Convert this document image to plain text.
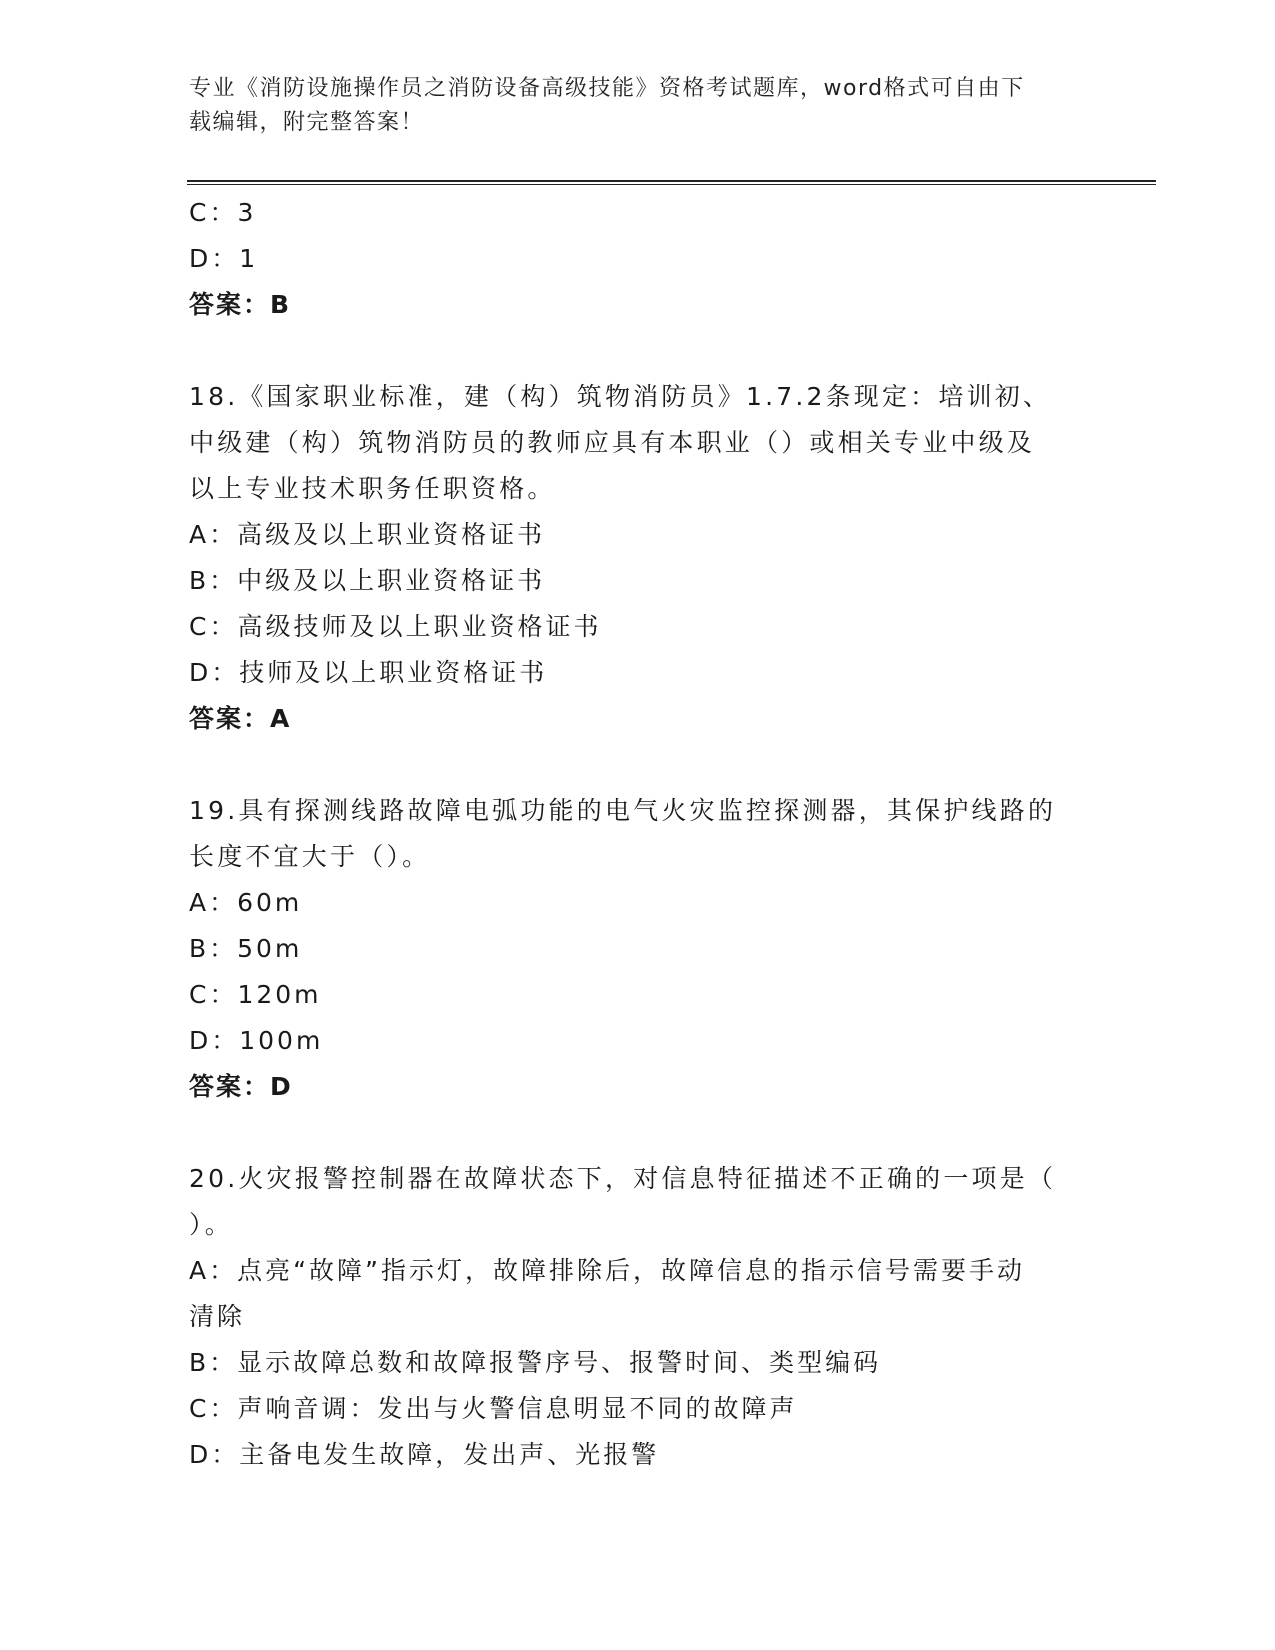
专业《消防设施操作员之消防设备高级技能》资格考试题库，word格式可自由下
载编辑，附完整答案！

C：3

D：1

答案：B

18.《国家职业标准，建（构）筑物消防员》1.7.2条现定：培训初、

中级建（构）筑物消防员的教师应具有本职业（）或相关专业中级及

以上专业技术职务任职资格。

A：高级及以上职业资格证书

B：中级及以上职业资格证书

C：高级技师及以上职业资格证书

D：技师及以上职业资格证书

答案：A

19.具有探测线路故障电弧功能的电气火灾监控探测器，其保护线路的

长度不宜大于（）。

A：60m

B：50m

C：120m

D：100m

答案：D

20.火灾报警控制器在故障状态下，对信息特征描述不正确的一项是（

）。

A：点亮“故障”指示灯，故障排除后，故障信息的指示信号需要手动

清除

B：显示故障总数和故障报警序号、报警时间、类型编码

C：声响音调：发出与火警信息明显不同的故障声

D：主备电发生故障，发出声、光报警
